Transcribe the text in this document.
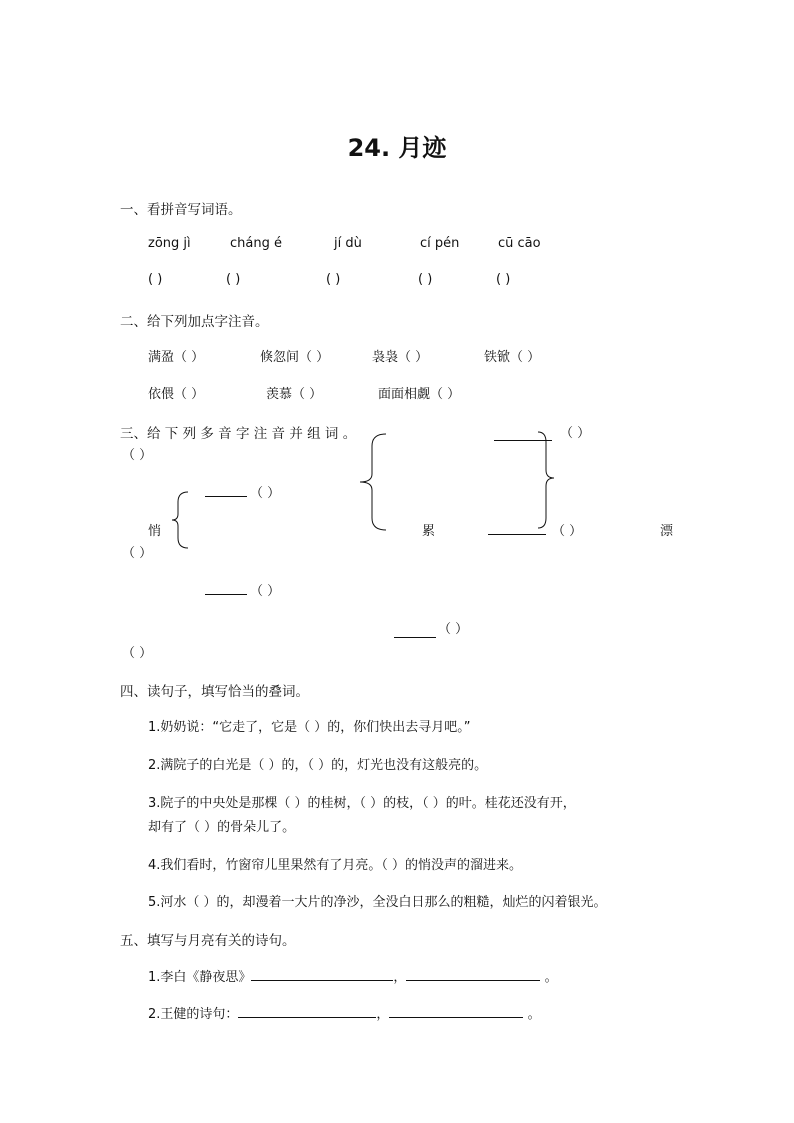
24. 月迹
一、看拼音写词语。
zōng jì	cháng é	jí dù	cí pén	cū cāo
( )	( )	( )	( )	( )
二、给下列加点字注音。
满盈（ ）	倏忽间（ ）	袅袅（ ）	铁锨（ ）
依偎（ ）	羡慕（ ）	面面相觑（ ）
三、给 下 列 多 音 字 注 音 并 组 词 。	（ ）
（ ）
（ ）
悄
（ ）
（ ）
累	（ ）	漂
（ ）
（ ）
四、读句子，填写恰当的叠词。
1.奶奶说：“它走了，它是（ ）的，你们快出去寻月吧。”
2.满院子的白光是（ ）的，（ ）的，灯光也没有这般亮的。
3.院子的中央处是那棵（ ）的桂树，（ ）的枝，（ ）的叶。桂花还没有开，
却有了（ ）的骨朵儿了。
4.我们看时，竹窗帘儿里果然有了月亮。（ ）的悄没声的溜进来。
5.河水（ ）的，却漫着一大片的净沙，全没白日那么的粗糙，灿烂的闪着银光。
五、填写与月亮有关的诗句。
1.李白《静夜思》	，	。
2.王健的诗句：	，	。
